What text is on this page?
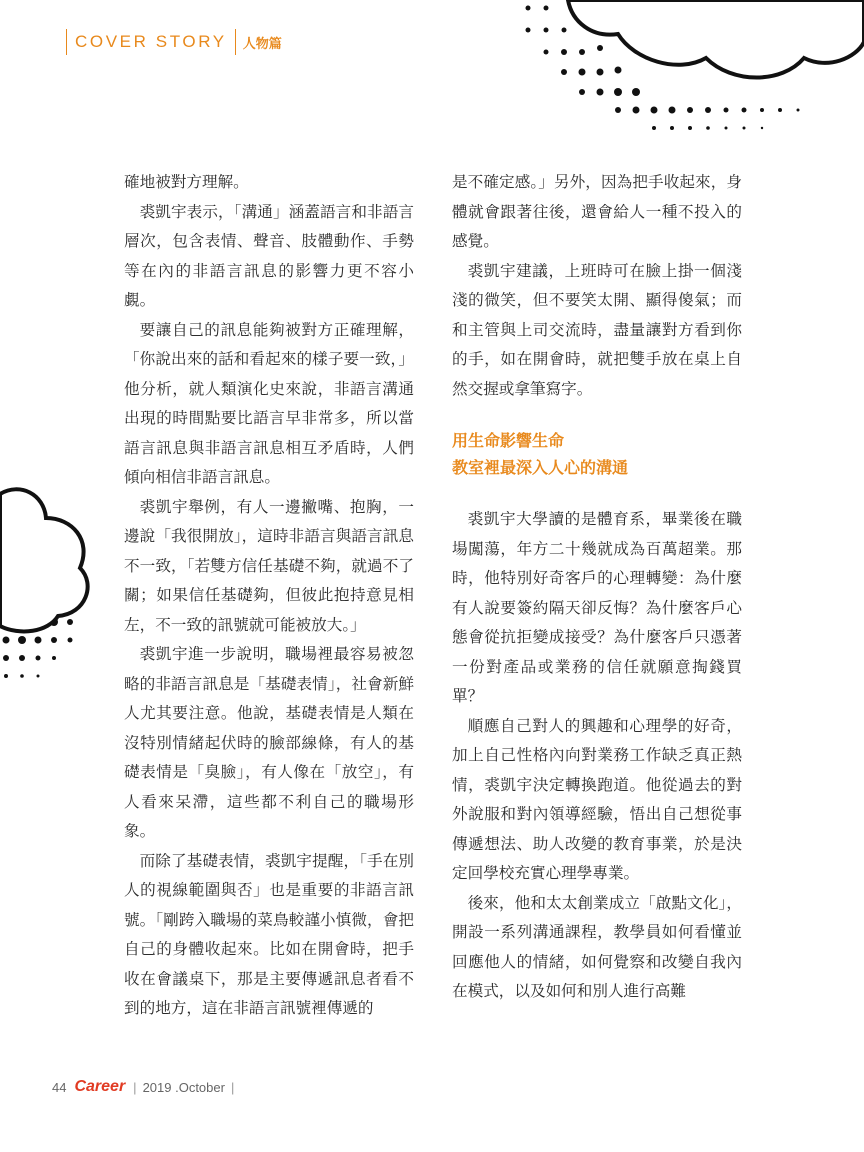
COVER STORY 人物篇

確地被對方理解。

裘凱宇表示，「溝通」涵蓋語言和非語言層次，包含表情、聲音、肢體動作、手勢等在內的非語言訊息的影響力更不容小覷。

要讓自己的訊息能夠被對方正確理解，「你說出來的話和看起來的樣子要一致，」他分析，就人類演化史來說，非語言溝通出現的時間點要比語言早非常多，所以當語言訊息與非語言訊息相互矛盾時，人們傾向相信非語言訊息。

裘凱宇舉例，有人一邊撇嘴、抱胸，一邊說「我很開放」，這時非語言與語言訊息不一致，「若雙方信任基礎不夠，就過不了關；如果信任基礎夠，但彼此抱持意見相左，不一致的訊號就可能被放大。」

裘凱宇進一步說明，職場裡最容易被忽略的非語言訊息是「基礎表情」，社會新鮮人尤其要注意。他說，基礎表情是人類在沒特別情緒起伏時的臉部線條，有人的基礎表情是「臭臉」，有人像在「放空」，有人看來呆滯，這些都不利自己的職場形象。

而除了基礎表情，裘凱宇提醒，「手在別人的視線範圍與否」也是重要的非語言訊號。「剛跨入職場的菜鳥較謹小慎微，會把自己的身體收起來。比如在開會時，把手收在會議桌下，那是主要傳遞訊息者看不到的地方，這在非語言訊號裡傳遞的

是不確定感。」另外，因為把手收起來，身體就會跟著往後，還會給人一種不投入的感覺。

裘凱宇建議，上班時可在臉上掛一個淺淺的微笑，但不要笑太開、顯得傻氣；而和主管與上司交流時，盡量讓對方看到你的手，如在開會時，就把雙手放在桌上自然交握或拿筆寫字。

用生命影響生命
教室裡最深入人心的溝通

裘凱宇大學讀的是體育系，畢業後在職場闖蕩，年方二十幾就成為百萬超業。那時，他特別好奇客戶的心理轉變：為什麼有人說要簽約隔天卻反悔？為什麼客戶心態會從抗拒變成接受？為什麼客戶只憑著一份對產品或業務的信任就願意掏錢買單？

順應自己對人的興趣和心理學的好奇，加上自己性格內向對業務工作缺乏真正熱情，裘凱宇決定轉換跑道。他從過去的對外說服和對內領導經驗，悟出自己想從事傳遞想法、助人改變的教育事業，於是決定回學校充實心理學專業。

後來，他和太太創業成立「啟點文化」，開設一系列溝通課程，教學員如何看懂並回應他人的情緒，如何覺察和改變自我內在模式，以及如何和別人進行高難

44 Career | 2019 .October |
